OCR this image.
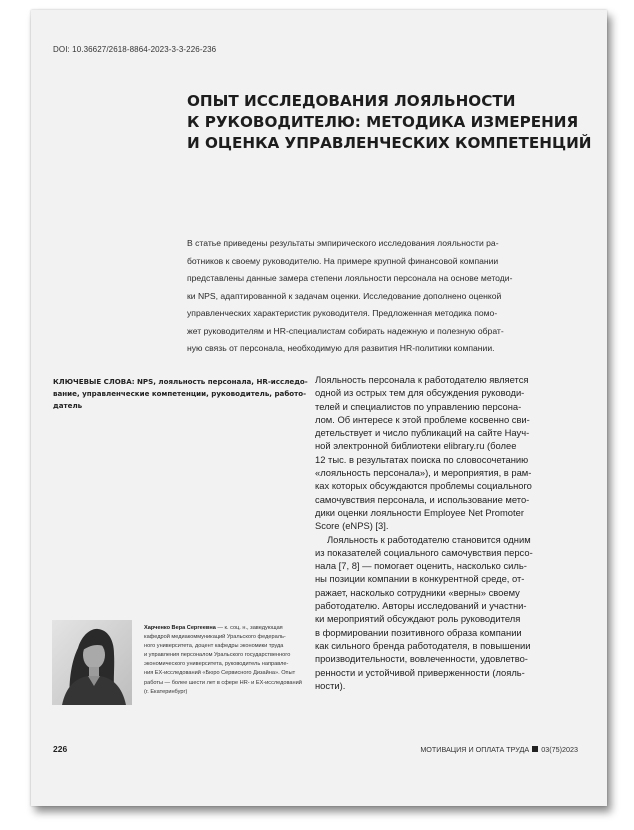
DOI: 10.36627/2618-8864-2023-3-3-226-236
ОПЫТ ИССЛЕДОВАНИЯ ЛОЯЛЬНОСТИ
К РУКОВОДИТЕЛЮ: МЕТОДИКА ИЗМЕРЕНИЯ
И ОЦЕНКА УПРАВЛЕНЧЕСКИХ КОМПЕТЕНЦИЙ
В статье приведены результаты эмпирического исследования лояльности ра-
ботников к своему руководителю. На примере крупной финансовой компании
представлены данные замера степени лояльности персонала на основе методи-
ки NPS, адаптированной к задачам оценки. Исследование дополнено оценкой
управленческих характеристик руководителя. Предложенная методика помо-
жет руководителям и HR-специалистам собирать надежную и полезную обрат-
ную связь от персонала, необходимую для развития HR-политики компании.
КЛЮЧЕВЫЕ СЛОВА: NPS, лояльность персонала, HR-исследо-
вание, управленческие компетенции, руководитель, работо-
датель
Лояльность персонала к работодателю является
одной из острых тем для обсуждения руководи-
телей и специалистов по управлению персона-
лом. Об интересе к этой проблеме косвенно сви-
детельствует и число публикаций на сайте Науч-
ной электронной библиотеки elibrary.ru (более
12 тыс. в результатах поиска по словосочетанию
«лояльность персонала»), и мероприятия, в рам-
ках которых обсуждаются проблемы социального
самочувствия персонала, и использование мето-
дики оценки лояльности Employee Net Promoter
Score (eNPS) [3].
Лояльность к работодателю становится одним
из показателей социального самочувствия персо-
нала [7, 8] — помогает оценить, насколько силь-
ны позиции компании в конкурентной среде, от-
ражает, насколько сотрудники «верны» своему
работодателю. Авторы исследований и участни-
ки мероприятий обсуждают роль руководителя
в формировании позитивного образа компании
как сильного бренда работодателя, в повышении
производительности, вовлеченности, удовлетво-
ренности и устойчивой приверженности (лояль-
ности).
Харченко Вера Сергеевна — к. соц. н., заведующая
кафедрой медиакоммуникаций Уральского федераль-
ного университета, доцент кафедры экономики труда
и управления персоналом Уральского государственного
экономического университета, руководитель направле-
ния EX-исследований «Бюро Сервисного Дизайна». Опыт
работы — более шести лет в сфере HR- и EX-исследований
(г. Екатеринбург)
226	МОТИВАЦИЯ И ОПЛАТА ТРУДА 03(75)2023
